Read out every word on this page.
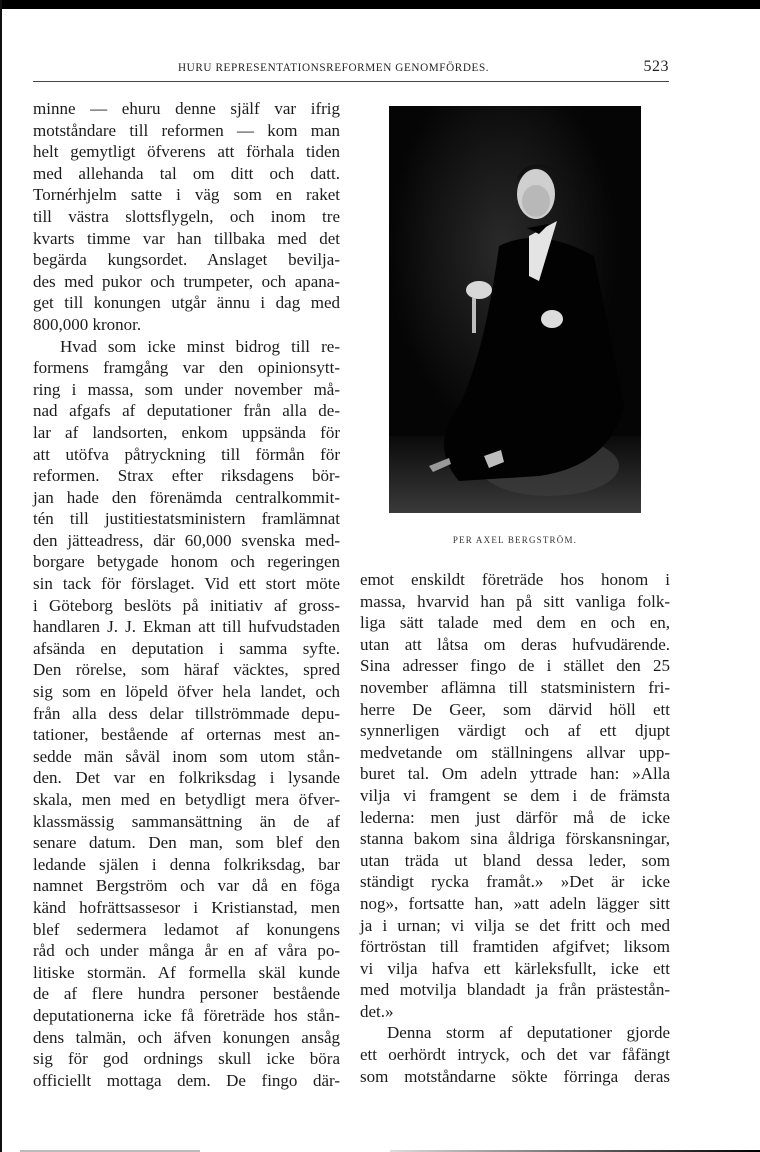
HURU REPRESENTATIONSREFORMEN GENOMFÖRDES.	523
minne — ehuru denne själf var ifrig
motståndare till reformen — kom man
helt gemytligt öfverens att förhala tiden
med allehanda tal om ditt och datt.
Tornérhjelm satte i väg som en raket
till västra slottsflygeln, och inom tre
kvarts timme var han tillbaka med det
begärda kungsordet. Anslaget bevilja-
des med pukor och trumpeter, och apana-
get till konungen utgår ännu i dag med
800,000 kronor.
Hvad som icke minst bidrog till re-
formens framgång var den opinionsytt-
ring i massa, som under november må-
nad afgafs af deputationer från alla de-
lar af landsorten, enkom uppsända för
att utöfva påtryckning till förmån för
reformen. Strax efter riksdagens bör-
jan hade den förenämda centralkommit-
tén till justitiestatsministern framlämnat
den jätteadress, där 60,000 svenska med-
borgare betygade honom och regeringen
sin tack för förslaget. Vid ett stort möte
i Göteborg beslöts på initiativ af gross-
handlaren J. J. Ekman att till hufvudstaden
afsända en deputation i samma syfte.
Den rörelse, som häraf väcktes, spred
sig som en löpeld öfver hela landet, och
från alla dess delar tillströmmade depu-
tationer, bestående af orternas mest an-
sedde män såväl inom som utom stån-
den. Det var en folkriksdag i lysande
skala, men med en betydligt mera öfver-
klassmässig sammansättning än de af
senare datum. Den man, som blef den
ledande själen i denna folkriksdag, bar
namnet Bergström och var då en föga
känd hofrättsassesor i Kristianstad, men
blef sedermera ledamot af konungens
råd och under många år en af våra po-
litiske stormän. Af formella skäl kunde
de af flere hundra personer bestående
deputationerna icke få företräde hos stån-
dens talmän, och äfven konungen ansåg
sig för god ordnings skull icke böra
officiellt mottaga dem. De fingo där-
PER AXEL BERGSTRÖM.
emot enskildt företräde hos honom i
massa, hvarvid han på sitt vanliga folk-
liga sätt talade med dem en och en,
utan att låtsa om deras hufvudärende.
Sina adresser fingo de i stället den 25
november aflämna till statsministern fri-
herre De Geer, som därvid höll ett
synnerligen värdigt och af ett djupt
medvetande om ställningens allvar upp-
buret tal. Om adeln yttrade han: »Alla
vilja vi framgent se dem i de främsta
lederna: men just därför må de icke
stanna bakom sina åldriga förskansningar,
utan träda ut bland dessa leder, som
ständigt rycka framåt.» »Det är icke
nog», fortsatte han, »att adeln lägger sitt
ja i urnan; vi vilja se det fritt och med
förtröstan till framtiden afgifvet; liksom
vi vilja hafva ett kärleksfullt, icke ett
med motvilja blandadt ja från prästestån-
det.»
Denna storm af deputationer gjorde
ett oerhördt intryck, och det var fåfängt
som motståndarne sökte förringa deras
